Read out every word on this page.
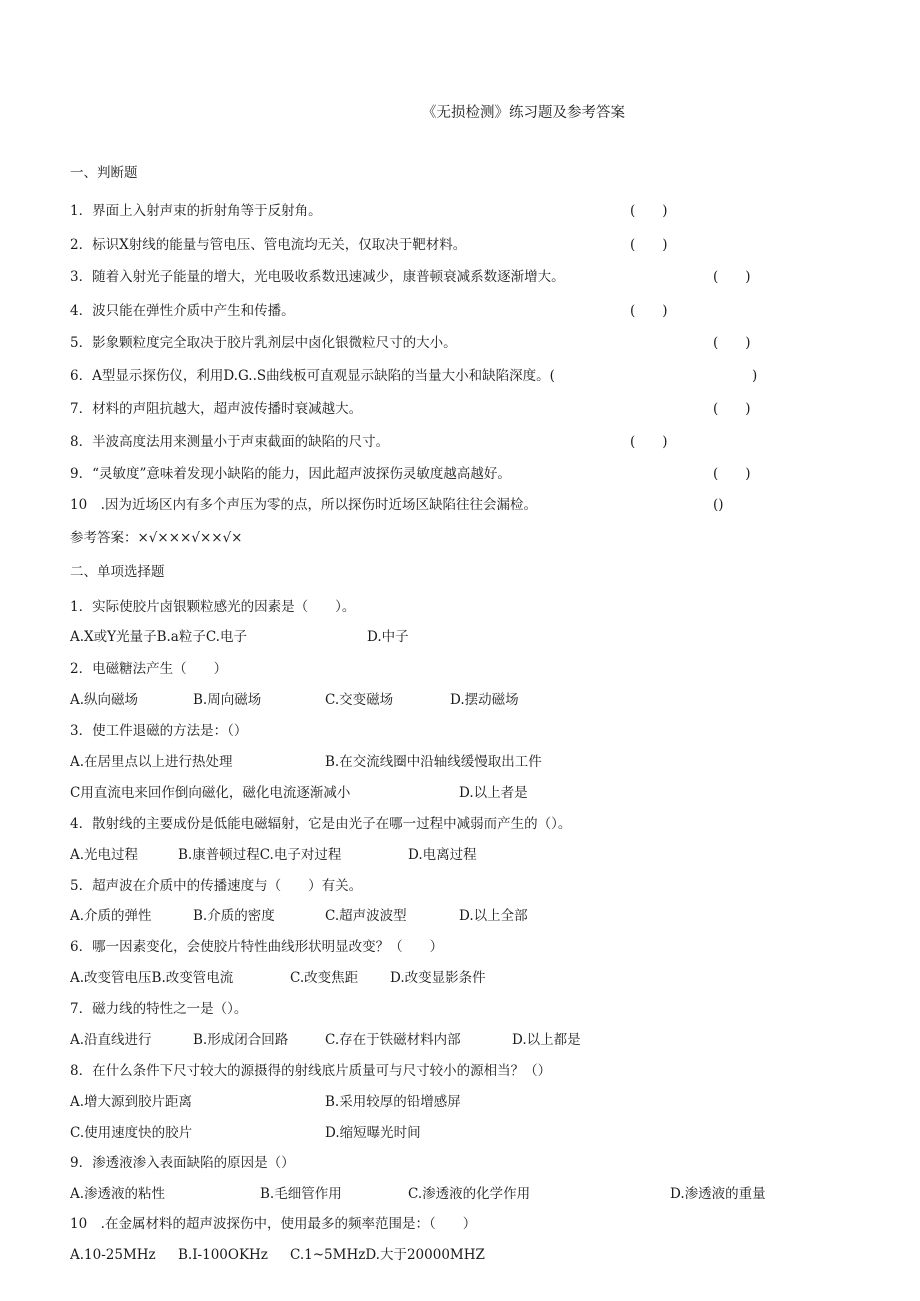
《无损检测》练习题及参考答案
一、判断题
1．界面上入射声束的折射角等于反射角。	(　　)
2．标识X射线的能量与管电压、管电流均无关，仅取决于靶材料。	(　　)
3．随着入射光子能量的增大，光电吸收系数迅速减少，康普顿衰减系数逐渐增大。	(　　)
4．波只能在弹性介质中产生和传播。	(　　)
5．影象颗粒度完全取决于胶片乳剂层中卤化银微粒尺寸的大小。	(　　)
6．A型显示探伤仪，利用D.G..S曲线板可直观显示缺陷的当量大小和缺陷深度。(	)
7．材料的声阻抗越大，超声波传播时衰减越大。	(　　)
8．半波高度法用来测量小于声束截面的缺陷的尺寸。	(　　)
9．“灵敏度”意味着发现小缺陷的能力，因此超声波探伤灵敏度越高越好。	(　　)
10　.因为近场区内有多个声压为零的点，所以探伤时近场区缺陷往往会漏检。	()
参考答案：×√×××√××√×
二、单项选择题
1．实际使胶片卤银颗粒感光的因素是（　　）。
A.X或Y光量子B.a粒子C.电子	D.中子
2．电磁糖法产生（　　）
A.纵向磁场	B.周向磁场	C.交变磁场	D.摆动磁场
3．使工件退磁的方法是：（）
A.在居里点以上进行热处理	B.在交流线圈中沿轴线缓慢取出工件
C用直流电来回作倒向磁化，磁化电流逐渐减小	D.以上者是
4．散射线的主要成份是低能电磁辐射，它是由光子在哪一过程中减弱而产生的（）。
A.光电过程	B.康普顿过程C.电子对过程	D.电离过程
5．超声波在介质中的传播速度与（　　）有关。
A.介质的弹性	B.介质的密度	C.超声波波型	D.以上全部
6．哪一因素变化，会使胶片特性曲线形状明显改变？（　　）
A.改变管电压B.改变管电流	C.改变焦距 D.改变显影条件
7．磁力线的特性之一是（）。
A.沿直线进行	B.形成闭合回路	C.存在于铁磁材料内部	D.以上都是
8．在什么条件下尺寸较大的源摄得的射线底片质量可与尺寸较小的源相当？（）
A.增大源到胶片距离	B.采用较厚的铅增感屏
C.使用速度快的胶片	D.缩短曝光时间
9．渗透液渗入表面缺陷的原因是（）
A.渗透液的粘性	B.毛细管作用	C.渗透液的化学作用	D.渗透液的重量
10　.在金属材料的超声波探伤中，使用最多的频率范围是：（　　）
A.10-25MHz B.I-100OKHz C.1~5MHzD.大于20000MHZ
